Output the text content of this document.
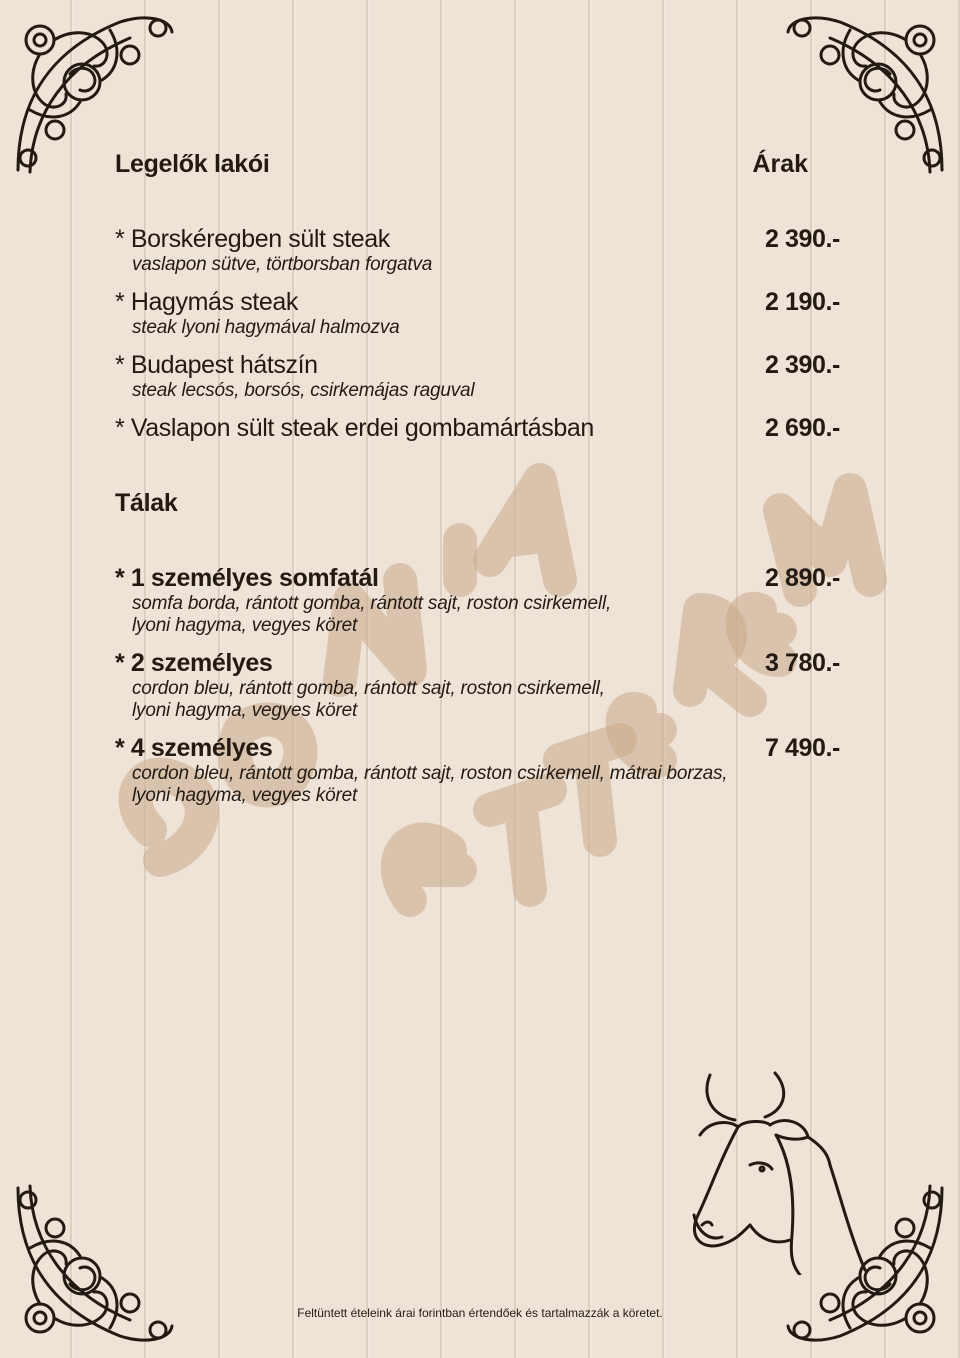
Legelők lakói	Árak
* Borskéregben sült steak	2 390.-
vaslapon sütve, törtborsban forgatva
* Hagymás steak	2 190.-
steak lyoni hagymával halmozva
* Budapest hátszín	2 390.-
steak lecsós, borsós, csirkemájas raguval
* Vaslapon sült steak erdei gombamártásban	2 690.-
Tálak
* 1 személyes somfatál	2 890.-
somfa borda, rántott gomba, rántott sajt, roston csirkemell,
lyoni hagyma, vegyes köret
* 2 személyes	3 780.-
cordon bleu, rántott gomba, rántott sajt, roston csirkemell,
lyoni hagyma, vegyes köret
* 4 személyes	7 490.-
cordon bleu, rántott gomba, rántott sajt, roston csirkemell, mátrai borzas,
lyoni hagyma, vegyes köret
Feltüntett ételeink árai forintban értendőek és tartalmazzák a köretet.
